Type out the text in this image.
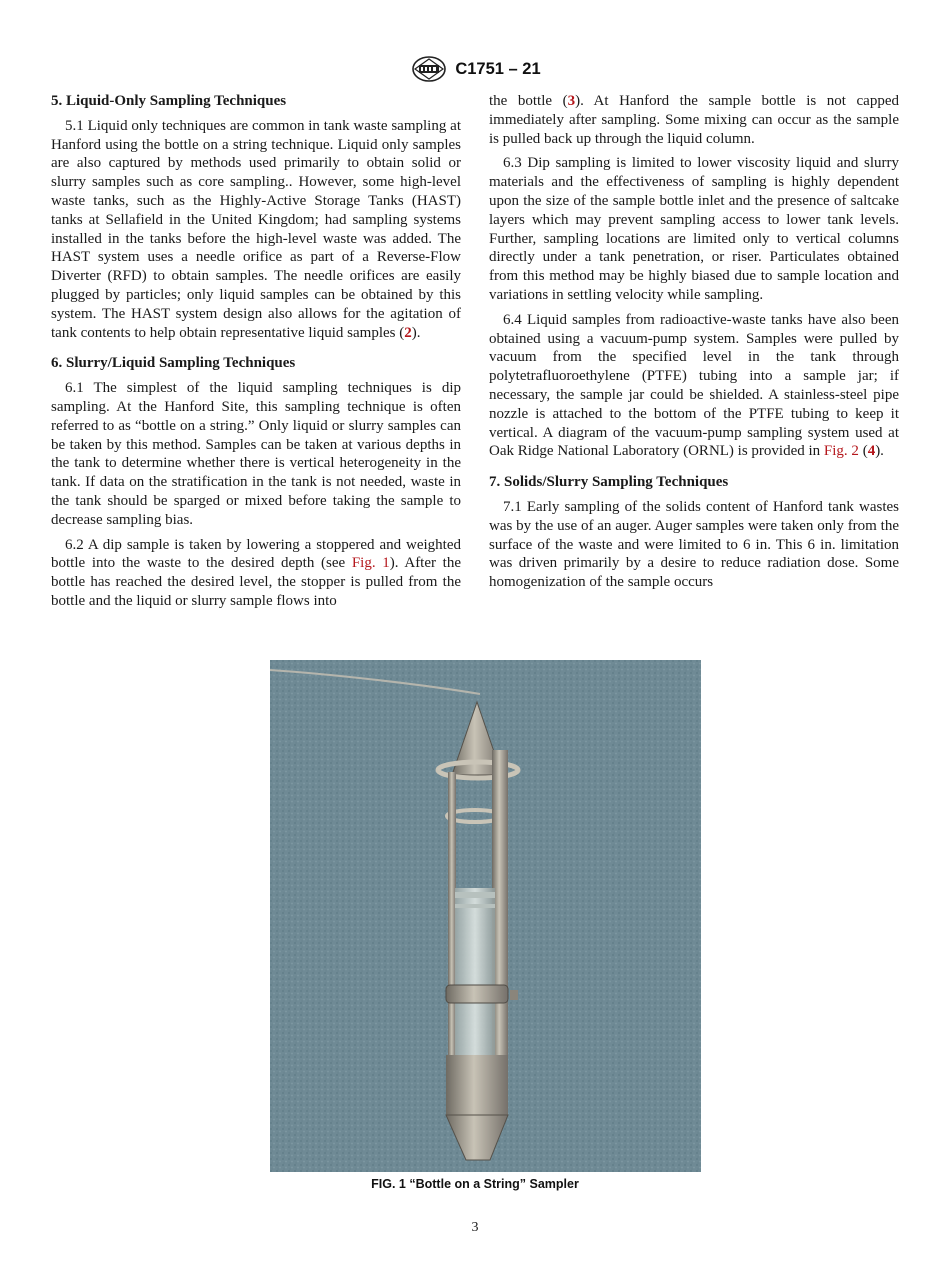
C1751 – 21
5. Liquid-Only Sampling Techniques

5.1 Liquid only techniques are common in tank waste sampling at Hanford using the bottle on a string technique. Liquid only samples are also captured by methods used primarily to obtain solid or slurry samples such as core sampling.. However, some high-level waste tanks, such as the Highly-Active Storage Tanks (HAST) tanks at Sellafield in the United Kingdom; had sampling systems installed in the tanks before the high-level waste was added. The HAST system uses a needle orifice as part of a Reverse-Flow Diverter (RFD) to obtain samples. The needle orifices are easily plugged by particles; only liquid samples can be obtained by this system. The HAST system design also allows for the agitation of tank contents to help obtain representative liquid samples (2).

6. Slurry/Liquid Sampling Techniques

6.1 The simplest of the liquid sampling techniques is dip sampling. At the Hanford Site, this sampling technique is often referred to as “bottle on a string.” Only liquid or slurry samples can be taken by this method. Samples can be taken at various depths in the tank to determine whether there is vertical heterogeneity in the tank. If data on the stratification in the tank is not needed, waste in the tank should be sparged or mixed before taking the sample to decrease sampling bias.

6.2 A dip sample is taken by lowering a stoppered and weighted bottle into the waste to the desired depth (see Fig. 1). After the bottle has reached the desired level, the stopper is pulled from the bottle and the liquid or slurry sample flows into

the bottle (3). At Hanford the sample bottle is not capped immediately after sampling. Some mixing can occur as the sample is pulled back up through the liquid column.

6.3 Dip sampling is limited to lower viscosity liquid and slurry materials and the effectiveness of sampling is highly dependent upon the size of the sample bottle inlet and the presence of saltcake layers which may prevent sampling access to lower tank levels. Further, sampling locations are limited only to vertical columns directly under a tank penetration, or riser. Particulates obtained from this method may be highly biased due to sample location and variations in settling velocity while sampling.

6.4 Liquid samples from radioactive-waste tanks have also been obtained using a vacuum-pump system. Samples were pulled by vacuum from the specified level in the tank through polytetrafluoroethylene (PTFE) tubing into a sample jar; if necessary, the sample jar could be shielded. A stainless-steel pipe nozzle is attached to the bottom of the PTFE tubing to keep it vertical. A diagram of the vacuum-pump sampling system used at Oak Ridge National Laboratory (ORNL) is provided in Fig. 2 (4).

7. Solids/Slurry Sampling Techniques

7.1 Early sampling of the solids content of Hanford tank wastes was by the use of an auger. Auger samples were taken only from the surface of the waste and were limited to 6 in. This 6 in. limitation was driven primarily by a desire to reduce radiation dose. Some homogenization of the sample occurs

FIG. 1 “Bottle on a String” Sampler
3
